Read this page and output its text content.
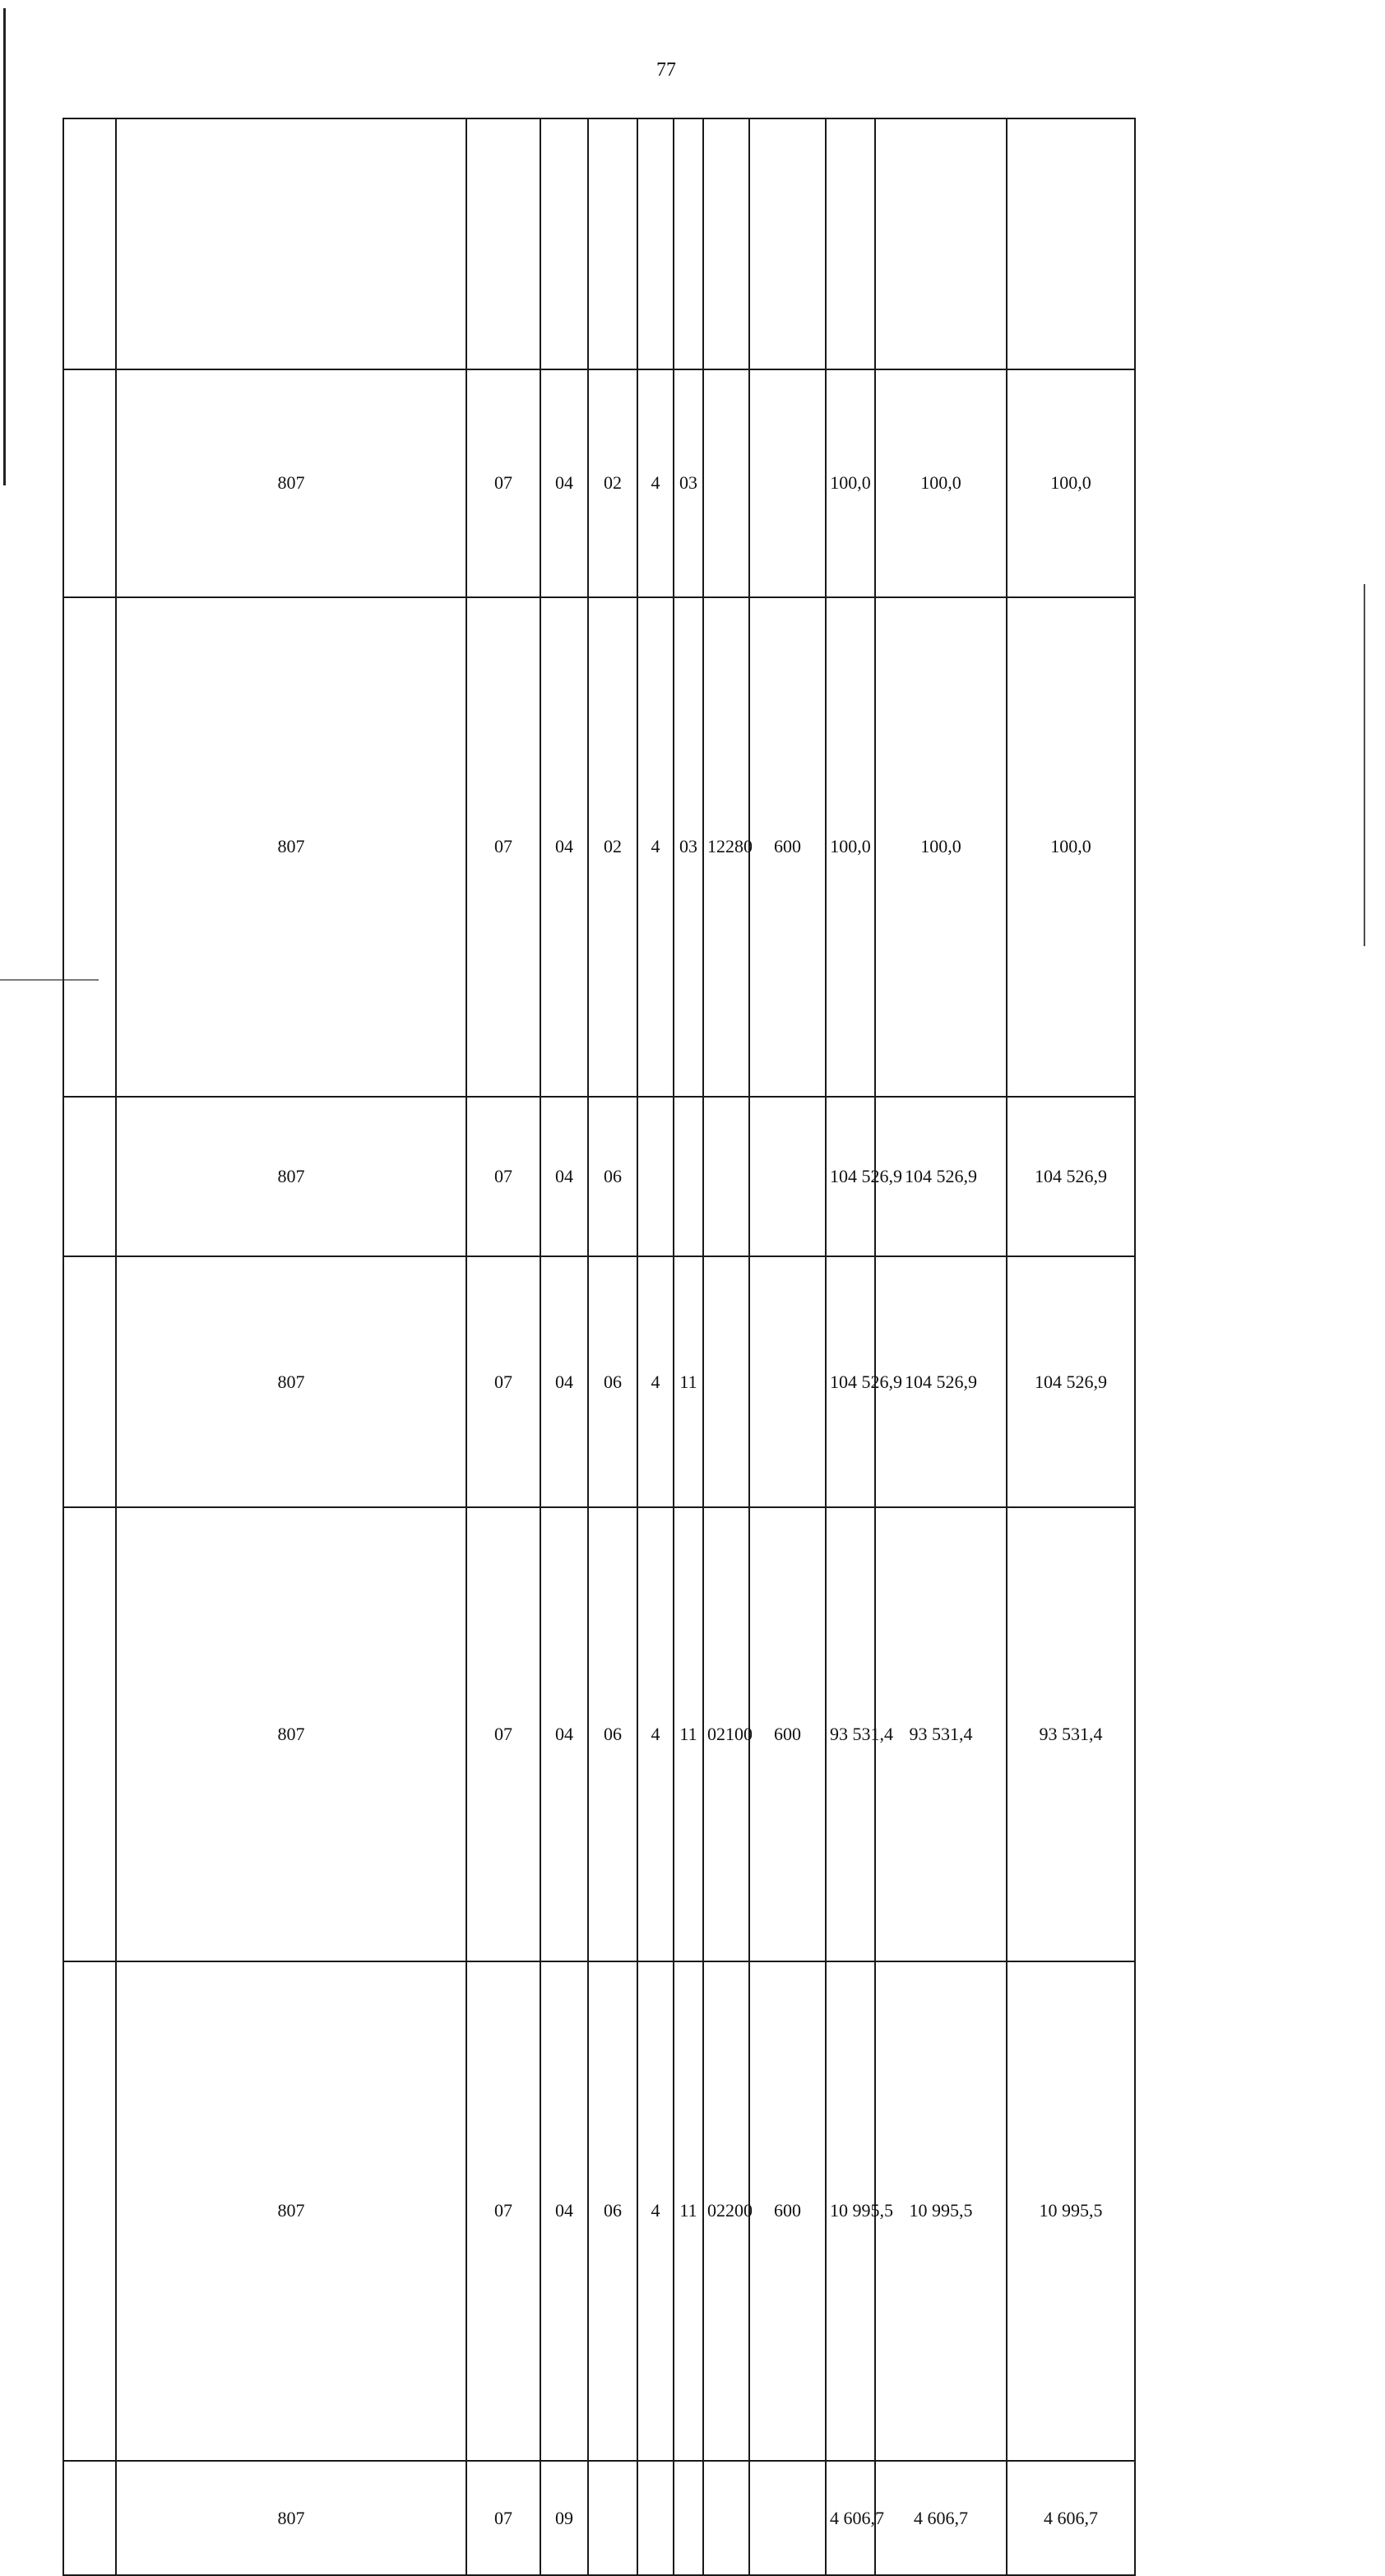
77

		807	07	04	02	4	03			100,0	100,0	100,0
		807	07	04	02	4	03	12280	600	100,0	100,0	100,0
		807	07	04	06					104 526,9	104 526,9	104 526,9
		807	07	04	06	4	11			104 526,9	104 526,9	104 526,9
		807	07	04	06	4	11	02100	600	93 531,4	93 531,4	93 531,4
		807	07	04	06	4	11	02200	600	10 995,5	10 995,5	10 995,5
		807	07	09						4 606,7	4 606,7	4 606,7
